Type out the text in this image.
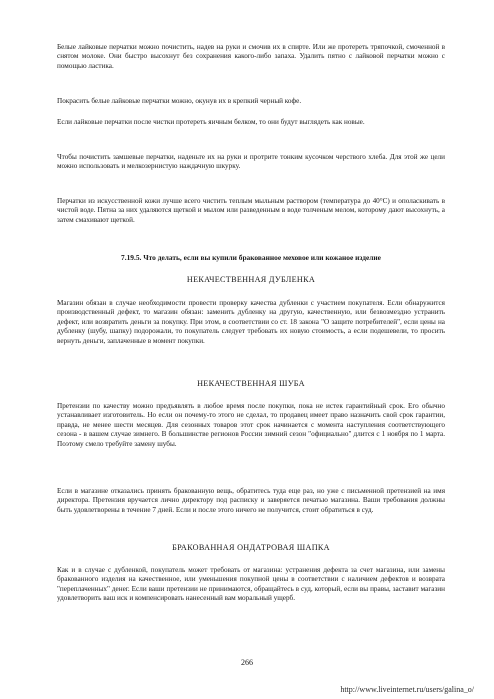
Белые лайковые перчатки можно почистить, надев на руки и смочив их в спирте. Или же протереть тряпочкой, смоченной в снятом молоке. Они быстро высохнут без сохранения какого-либо запаха. Удалить пятно с лайковой перчатки можно с помощью ластика.

Покрасить белые лайковые перчатки можно, окунув их в крепкий черный кофе.

Если лайковые перчатки после чистки протереть яичным белком, то они будут выглядеть как новые.

Чтобы почистить замшевые перчатки, наденьте их на руки и протрите тонким кусочком черствого хлеба. Для этой же цели можно использовать и мелкозернистую наждачную шкурку.

Перчатки из искусственной кожи лучше всего чистить теплым мыльным раствором (температура до 40°С) и ополаскивать в чистой воде. Пятна за них удаляются щеткой и мылом или разведенным в воде толченым мелом, которому дают высохнуть, а затем смахивают щеткой.

7.19.5. Что делать, если вы купили бракованное меховое или кожаное изделие

НЕКАЧЕСТВЕННАЯ ДУБЛЕНКА

Магазин обязан в случае необходимости провести проверку качества дубленки с участием покупателя. Если обнаружится производственный дефект, то магазин обязан: заменить дубленку на другую, качественную, или безвозмездно устранить дефект, или возвратить деньги за покупку. При этом, в соответствии со ст. 18 закона "О защите потребителей", если цены на дубленку (шубу, шапку) подорожали, то покупатель следует требовать их новую стоимость, а если подешевели, то просить вернуть деньги, заплаченные в момент покупки.

НЕКАЧЕСТВЕННАЯ ШУБА

Претензии по качеству можно предъявлять в любое время после покупки, пока не истек гарантийный срок. Его обычно устанавливает изготовитель. Но если он почему-то этого не сделал, то продавец имеет право назначить свой срок гарантии, правда, не менее шести месяцев. Для сезонных товаров этот срок начинается с момента наступления соответствующего сезона - в вашем случае зимнего. В большинстве регионов России зимний сезон "официально" длится с 1 ноября по 1 марта. Поэтому смело требуйте замену шубы.

Если в магазине отказались принять бракованную вещь, обратитесь туда еще раз, но уже с письменной претензией на имя директора. Претензия вручается лично директору под расписку и заверяется печатью магазина. Ваши требования должны быть удовлетворены в течение 7 дней. Если и после этого ничего не получится, стоит обратиться в суд.

БРАКОВАННАЯ ОНДАТРОВАЯ ШАПКА

Как и в случае с дубленкой, покупатель может требовать от магазина: устранения дефекта за счет магазина, или замены бракованного изделия на качественное, или уменьшения покупной цены в соответствии с наличием дефектов и возврата "переплаченных" денег. Если ваши претензии не принимаются, обращайтесь в суд, который, если вы правы, заставит магазин удовлетворить ваш иск и компенсировать нанесенный вам моральный ущерб.

266
http://www.liveinternet.ru/users/galina_o/
